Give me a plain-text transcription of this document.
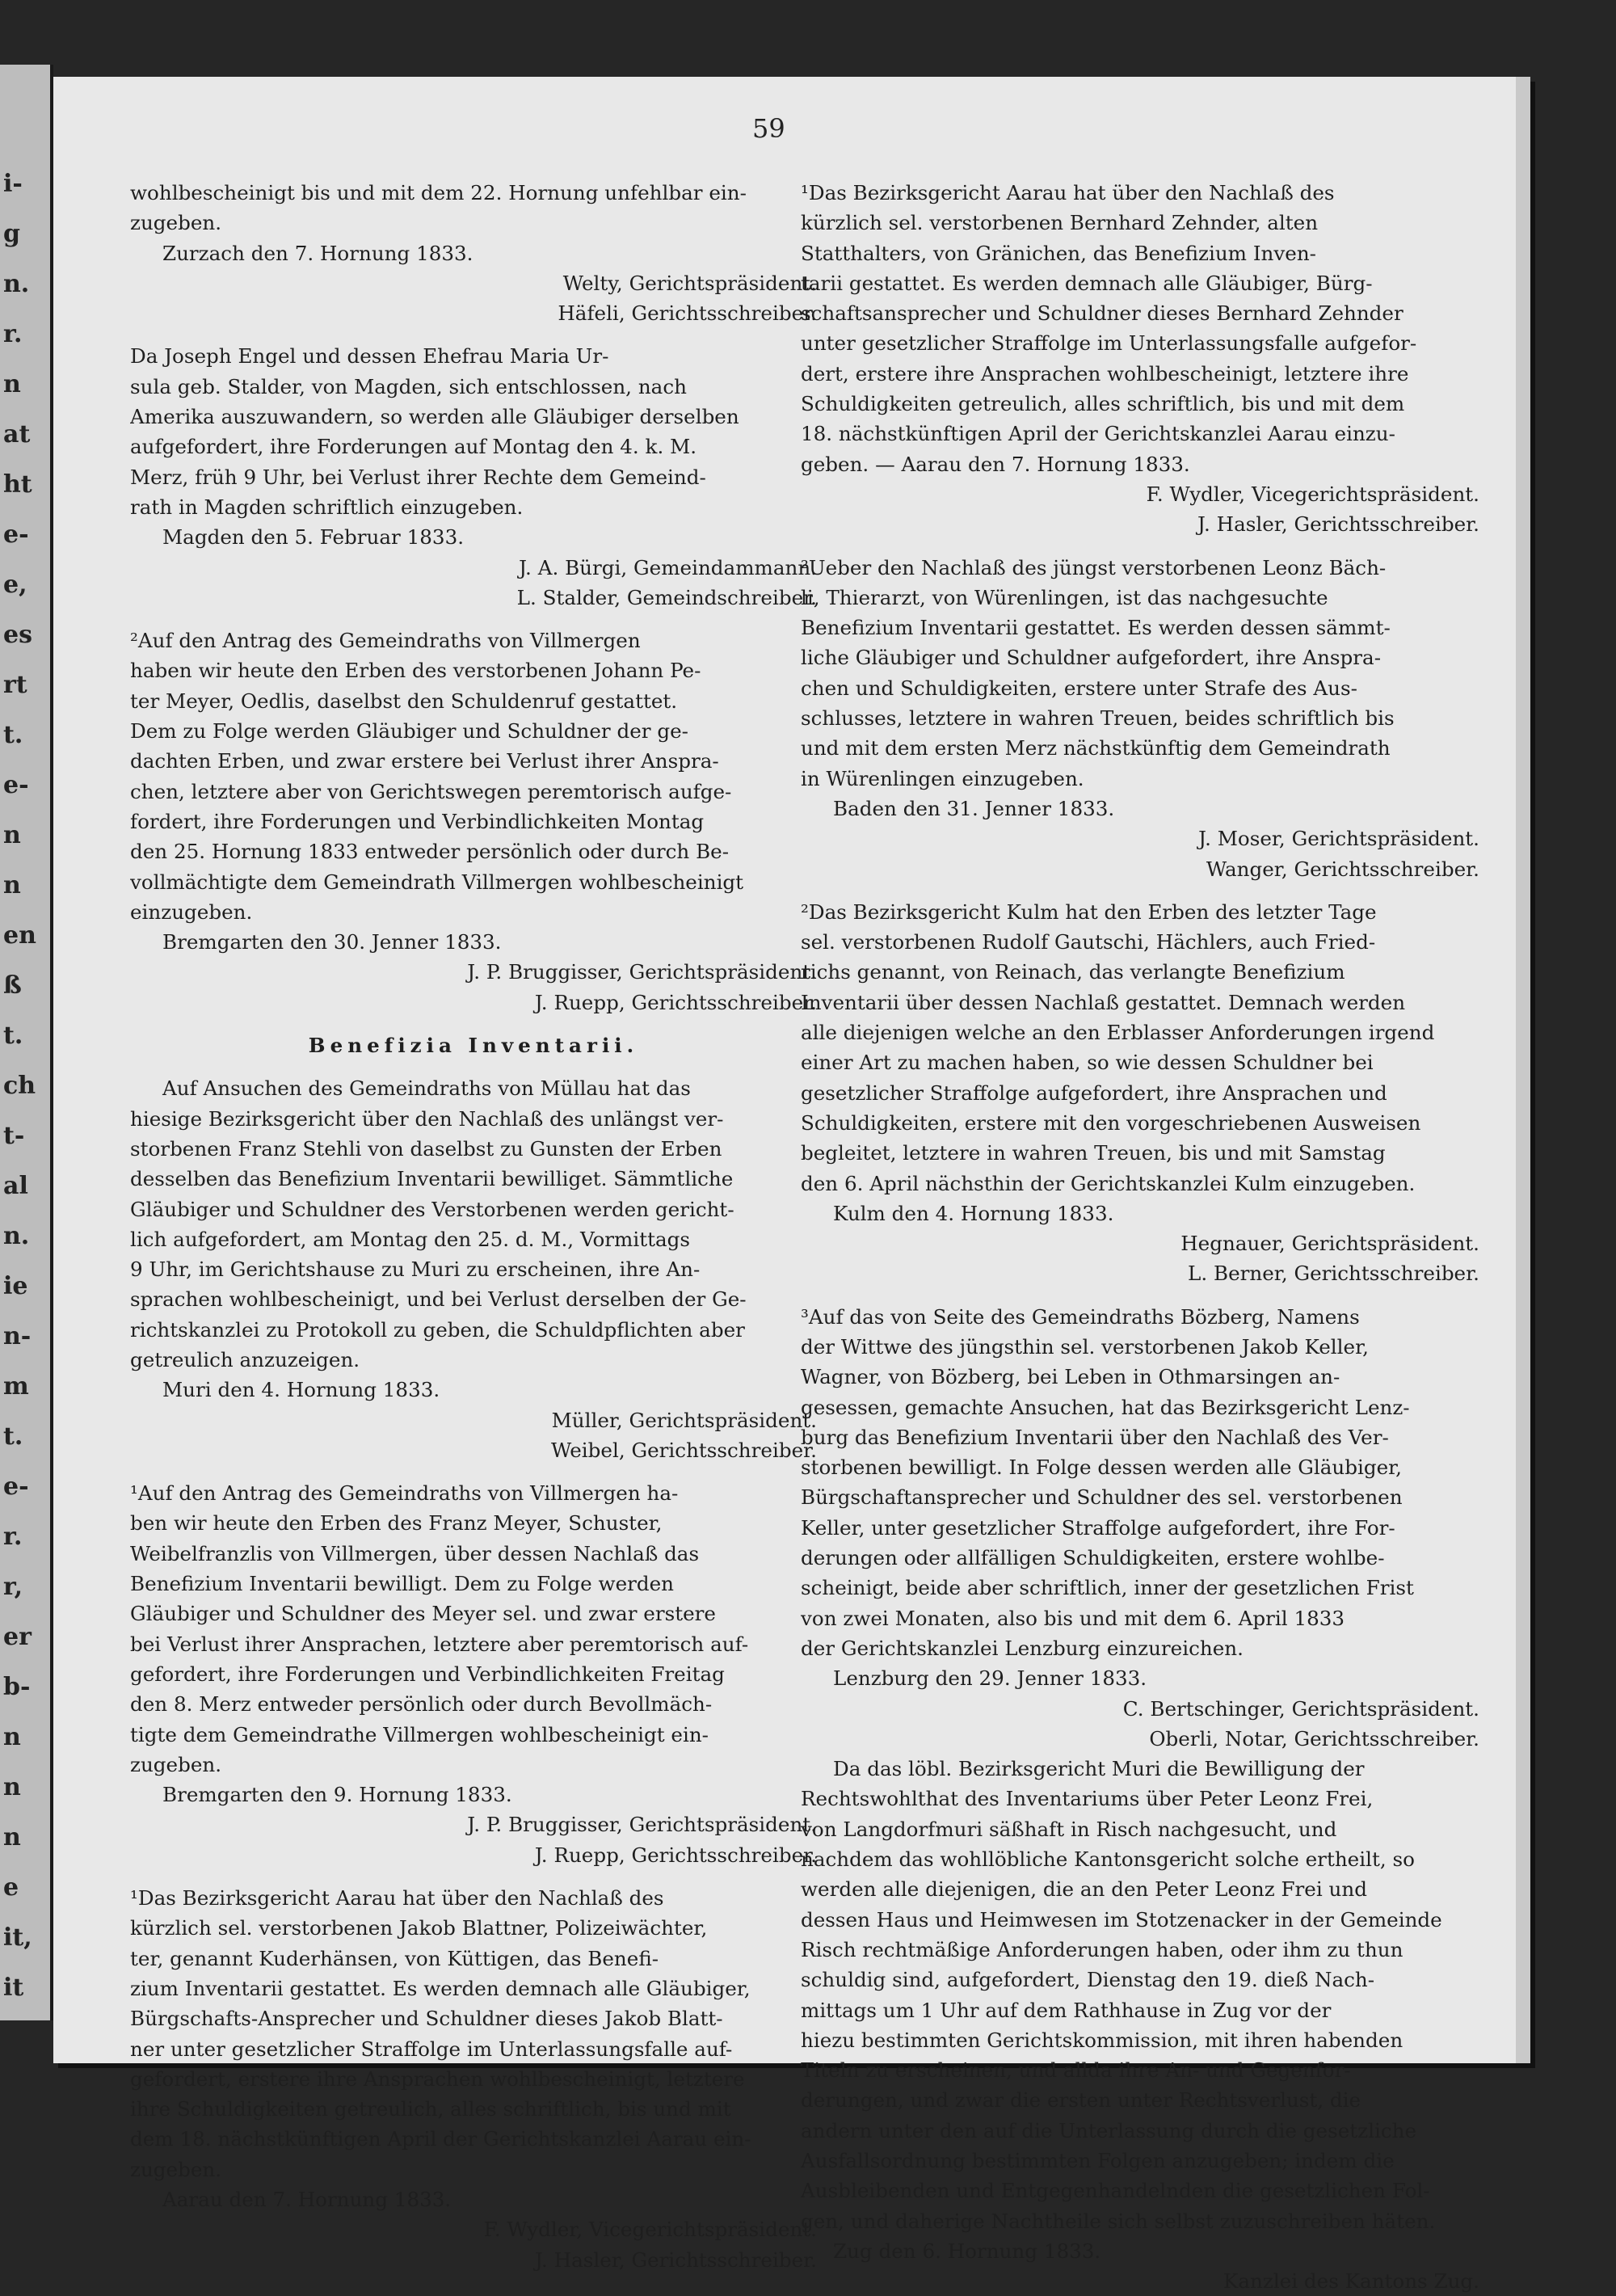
i-
g
n.
r.
n
at
ht
e-
e,
es
rt
t.
e-
n
n
en
ß
t.
ch
t-
al
n.
ie
n-
m
t.
e-
r.
r,
er
b-
n
n
n
e
it,
it
59
wohlbescheinigt bis und mit dem 22. Hornung unfehlbar ein-
zugeben.
Zurzach den 7. Hornung 1833.
Welty, Gerichtspräsident.
Häfeli, Gerichtsschreiber.
Da Joseph Engel und dessen Ehefrau Maria Ur-
sula geb. Stalder, von Magden, sich entschlossen, nach
Amerika auszuwandern, so werden alle Gläubiger derselben
aufgefordert, ihre Forderungen auf Montag den 4. k. M.
Merz, früh 9 Uhr, bei Verlust ihrer Rechte dem Gemeind-
rath in Magden schriftlich einzugeben.
Magden den 5. Februar 1833.
J. A. Bürgi, Gemeindammann.
L. Stalder, Gemeindschreiber.
²Auf den Antrag des Gemeindraths von Villmergen
haben wir heute den Erben des verstorbenen Johann Pe-
ter Meyer, Oedlis, daselbst den Schuldenruf gestattet.
Dem zu Folge werden Gläubiger und Schuldner der ge-
dachten Erben, und zwar erstere bei Verlust ihrer Ansprа-
chen, letztere aber von Gerichtswegen peremtorisch aufge-
fordert, ihre Forderungen und Verbindlichkeiten Montag
den 25. Hornung 1833 entweder persönlich oder durch Be-
vollmächtigte dem Gemeindrath Villmergen wohlbescheinigt
einzugeben.
Bremgarten den 30. Jenner 1833.
J. P. Bruggisser, Gerichtspräsident.
J. Ruepp, Gerichtsschreiber.
Benefizia Inventarii.
Auf Ansuchen des Gemeindraths von Müllau hat das
hiesige Bezirksgericht über den Nachlaß des unlängst ver-
storbenen Franz Stehli von daselbst zu Gunsten der Erben
desselben das Benefizium Inventarii bewilliget. Sämmtliche
Gläubiger und Schuldner des Verstorbenen werden gericht-
lich aufgefordert, am Montag den 25. d. M., Vormittags
9 Uhr, im Gerichtshause zu Muri zu erscheinen, ihre An-
sprachen wohlbescheinigt, und bei Verlust derselben der Ge-
richtskanzlei zu Protokoll zu geben, die Schuldpflichten aber
getreulich anzuzeigen.
Muri den 4. Hornung 1833.
Müller, Gerichtspräsident.
Weibel, Gerichtsschreiber.
¹Auf den Antrag des Gemeindraths von Villmergen ha-
ben wir heute den Erben des Franz Meyer, Schuster,
Weibelfranzlis von Villmergen, über dessen Nachlaß das
Benefizium Inventarii bewilligt. Dem zu Folge werden
Gläubiger und Schuldner des Meyer sel. und zwar erstere
bei Verlust ihrer Ansprachen, letztere aber peremtorisch auf-
gefordert, ihre Forderungen und Verbindlichkeiten Freitag
den 8. Merz entweder persönlich oder durch Bevollmäch-
tigte dem Gemeindrathe Villmergen wohlbescheinigt ein-
zugeben.
Bremgarten den 9. Hornung 1833.
J. P. Bruggisser, Gerichtspräsident.
J. Ruepp, Gerichtsschreiber.
¹Das Bezirksgericht Aarau hat über den Nachlaß des
kürzlich sel. verstorbenen Jakob Blattner, Polizeiwächter,
ter, genannt Kuderhänsen, von Küttigen, das Benefi-
zium Inventarii gestattet. Es werden demnach alle Gläubiger,
Bürgschafts-Ansprecher und Schuldner dieses Jakob Blatt-
ner unter gesetzlicher Straffolge im Unterlassungsfalle auf-
gefordert, erstere ihre Ansprachen wohlbescheinigt, letztere
ihre Schuldigkeiten getreulich, alles schriftlich, bis und mit
dem 18. nächstkünftigen April der Gerichtskanzlei Aarau ein-
zugeben.
Aarau den 7. Hornung 1833.
F. Wydler, Vicegerichtspräsident.
J. Hasler, Gerichtsschreiber.
¹Das Bezirksgericht Aarau hat über den Nachlaß des
kürzlich sel. verstorbenen Bernhard Zehnder, alten
Statthalters, von Gränichen, das Benefizium Inven-
tarii gestattet. Es werden demnach alle Gläubiger, Bürg-
schaftsansprecher und Schuldner dieses Bernhard Zehnder
unter gesetzlicher Straffolge im Unterlassungsfalle aufgefor-
dert, erstere ihre Ansprachen wohlbescheinigt, letztere ihre
Schuldigkeiten getreulich, alles schriftlich, bis und mit dem
18. nächstkünftigen April der Gerichtskanzlei Aarau einzu-
geben. — Aarau den 7. Hornung 1833.
F. Wydler, Vicegerichtspräsident.
J. Hasler, Gerichtsschreiber.
²Ueber den Nachlaß des jüngst verstorbenen Leonz Bäch-
li, Thierarzt, von Würenlingen, ist das nachgesuchte
Benefizium Inventarii gestattet. Es werden dessen sämmt-
liche Gläubiger und Schuldner aufgefordert, ihre Anspra-
chen und Schuldigkeiten, erstere unter Strafe des Aus-
schlusses, letztere in wahren Treuen, beides schriftlich bis
und mit dem ersten Merz nächstkünftig dem Gemeindrath
in Würenlingen einzugeben.
Baden den 31. Jenner 1833.
J. Moser, Gerichtspräsident.
Wanger, Gerichtsschreiber.
²Das Bezirksgericht Kulm hat den Erben des letzter Tage
sel. verstorbenen Rudolf Gautschi, Hächlers, auch Fried-
richs genannt, von Reinach, das verlangte Benefizium
Inventarii über dessen Nachlaß gestattet. Demnach werden
alle diejenigen welche an den Erblasser Anforderungen irgend
einer Art zu machen haben, so wie dessen Schuldner bei
gesetzlicher Straffolge aufgefordert, ihre Ansprachen und
Schuldigkeiten, erstere mit den vorgeschriebenen Ausweisen
begleitet, letztere in wahren Treuen, bis und mit Samstag
den 6. April nächsthin der Gerichtskanzlei Kulm einzugeben.
Kulm den 4. Hornung 1833.
Hegnauer, Gerichtspräsident.
L. Berner, Gerichtsschreiber.
³Auf das von Seite des Gemeindraths Bözberg, Namens
der Wittwe des jüngsthin sel. verstorbenen Jakob Keller,
Wagner, von Bözberg, bei Leben in Othmarsingen an-
gesessen, gemachte Ansuchen, hat das Bezirksgericht Lenz-
burg das Benefizium Inventarii über den Nachlaß des Ver-
storbenen bewilligt. In Folge dessen werden alle Gläubiger,
Bürgschaftansprecher und Schuldner des sel. verstorbenen
Keller, unter gesetzlicher Straffolge aufgefordert, ihre For-
derungen oder allfälligen Schuldigkeiten, erstere wohlbe-
scheinigt, beide aber schriftlich, inner der gesetzlichen Frist
von zwei Monaten, also bis und mit dem 6. April 1833
der Gerichtskanzlei Lenzburg einzureichen.
Lenzburg den 29. Jenner 1833.
C. Bertschinger, Gerichtspräsident.
Oberli, Notar, Gerichtsschreiber.
Da das löbl. Bezirksgericht Muri die Bewilligung der
Rechtswohlthat des Inventariums über Peter Leonz Frei,
von Langdorfmuri säßhaft in Risch nachgesucht, und
nachdem das wohllöbliche Kantonsgericht solche ertheilt, so
werden alle diejenigen, die an den Peter Leonz Frei und
dessen Haus und Heimwesen im Stotzenacker in der Gemeinde
Risch rechtmäßige Anforderungen haben, oder ihm zu thun
schuldig sind, aufgefordert, Dienstag den 19. dieß Nach-
mittags um 1 Uhr auf dem Rathhause in Zug vor der
hiezu bestimmten Gerichtskommission, mit ihren habenden
Titeln zu erscheinen, und allda ihre An- und Gegenfor-
derungen, und zwar die ersten unter Rechtsverlust, die
andern unter den auf die Unterlassung durch die gesetzliche
Ausfallsordnung bestimmten Folgen anzugeben; indem die
Ausbleibenden und Entgegenhandelnden die gesetzlichen Fol-
gen, und daherige Nachtheile sich selbst zuzuschreiben häten.
Zug den 6. Hornung 1833.
Kanzlei des Kantons Zug.
